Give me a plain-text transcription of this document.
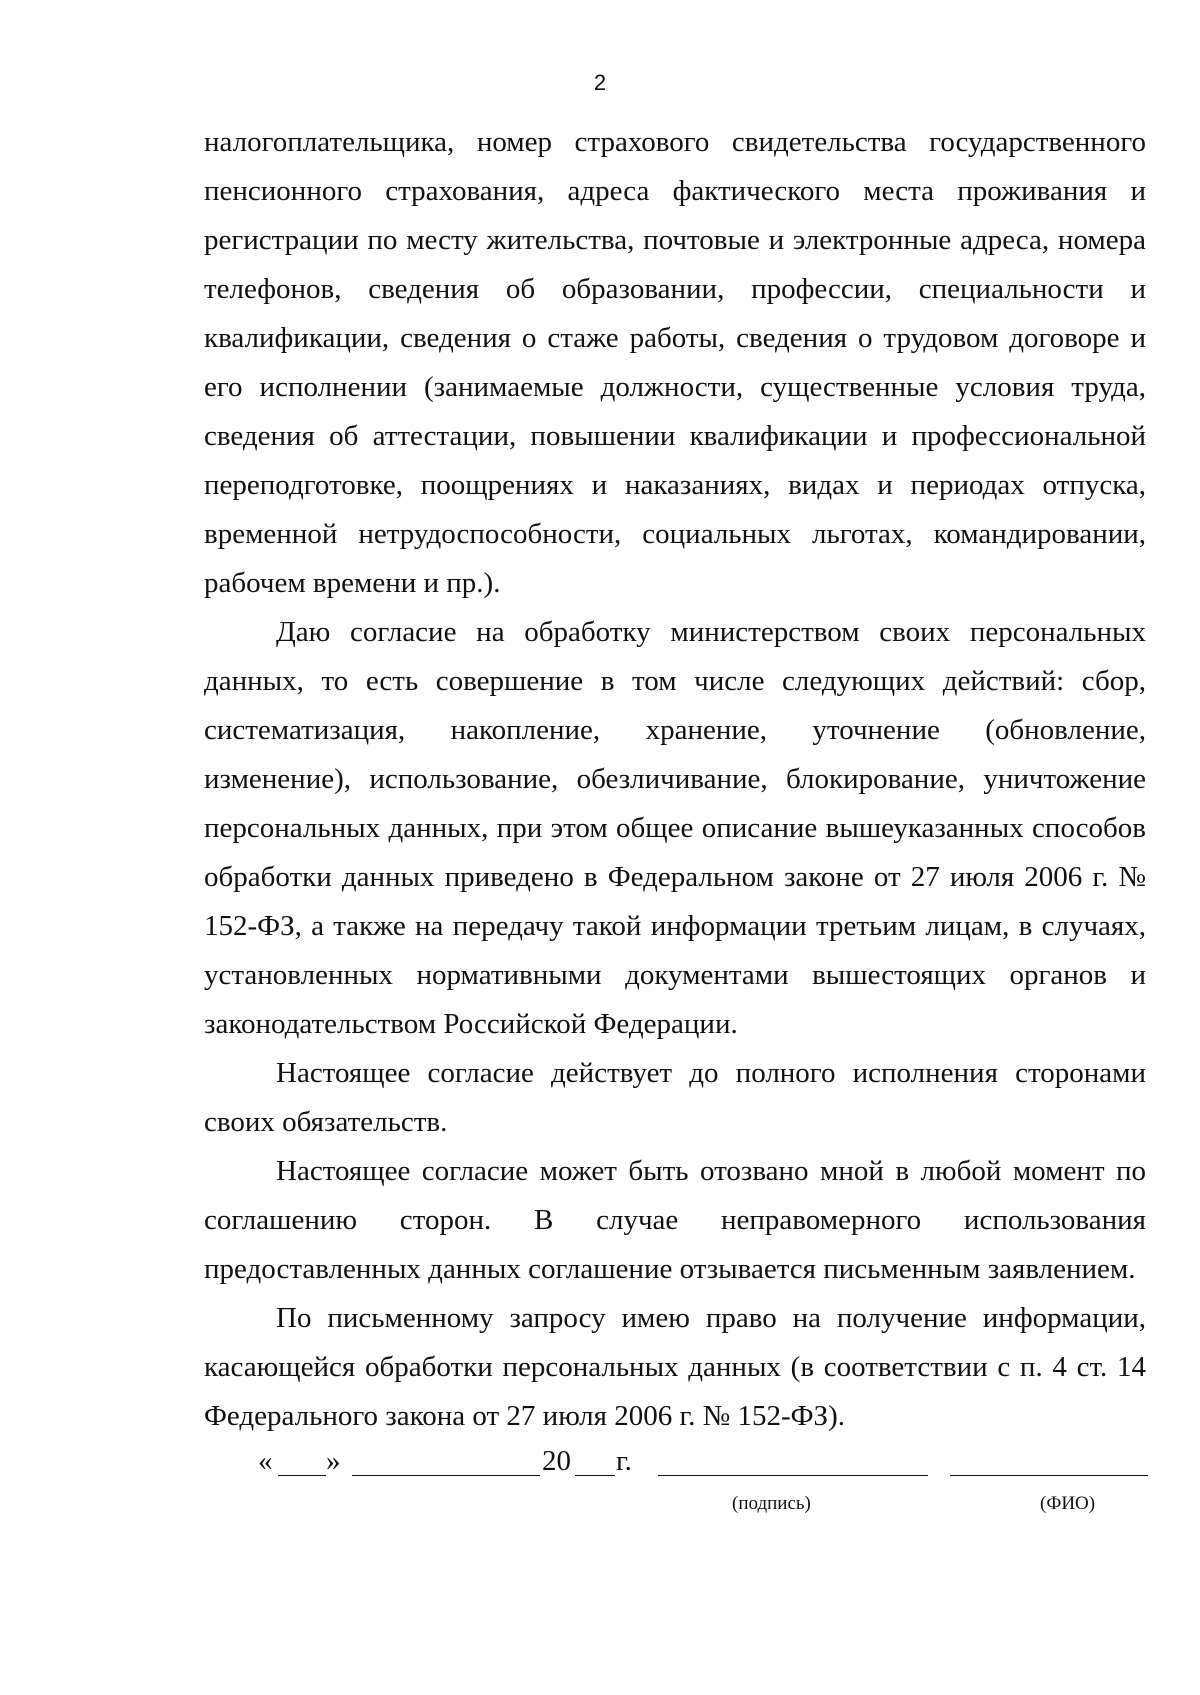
2

налогоплательщика, номер страхового свидетельства государственного пенсионного страхования, адреса фактического места проживания и регистрации по месту жительства, почтовые и электронные адреса, номера телефонов, сведения об образовании, профессии, специальности и квалификации, сведения о стаже работы, сведения о трудовом договоре и его исполнении (занимаемые должности, существенные условия труда, сведения об аттестации, повышении квалификации и профессиональной переподготовке, поощрениях и наказаниях, видах и периодах отпуска, временной нетрудоспособности, социальных льготах, командировании, рабочем времени и пр.).

Даю согласие на обработку министерством своих персональных данных, то есть совершение в том числе следующих действий: сбор, систематизация, накопление, хранение, уточнение (обновление, изменение), использование, обезличивание, блокирование, уничтожение персональных данных, при этом общее описание вышеуказанных способов обработки данных приведено в Федеральном законе от 27 июля 2006 г. № 152-ФЗ, а также на передачу такой информации третьим лицам, в случаях, установленных нормативными документами вышестоящих органов и законодательством Российской Федерации.

Настоящее согласие действует до полного исполнения сторонами своих обязательств.

Настоящее согласие может быть отозвано мной в любой момент по соглашению сторон. В случае неправомерного использования предоставленных данных соглашение отзывается письменным заявлением.

По письменному запросу имею право на получение информации, касающейся обработки персональных данных (в соответствии с п. 4 ст. 14 Федерального закона от 27 июля 2006 г. № 152-ФЗ).

« »	20 г.
(подпись)	(ФИО)
